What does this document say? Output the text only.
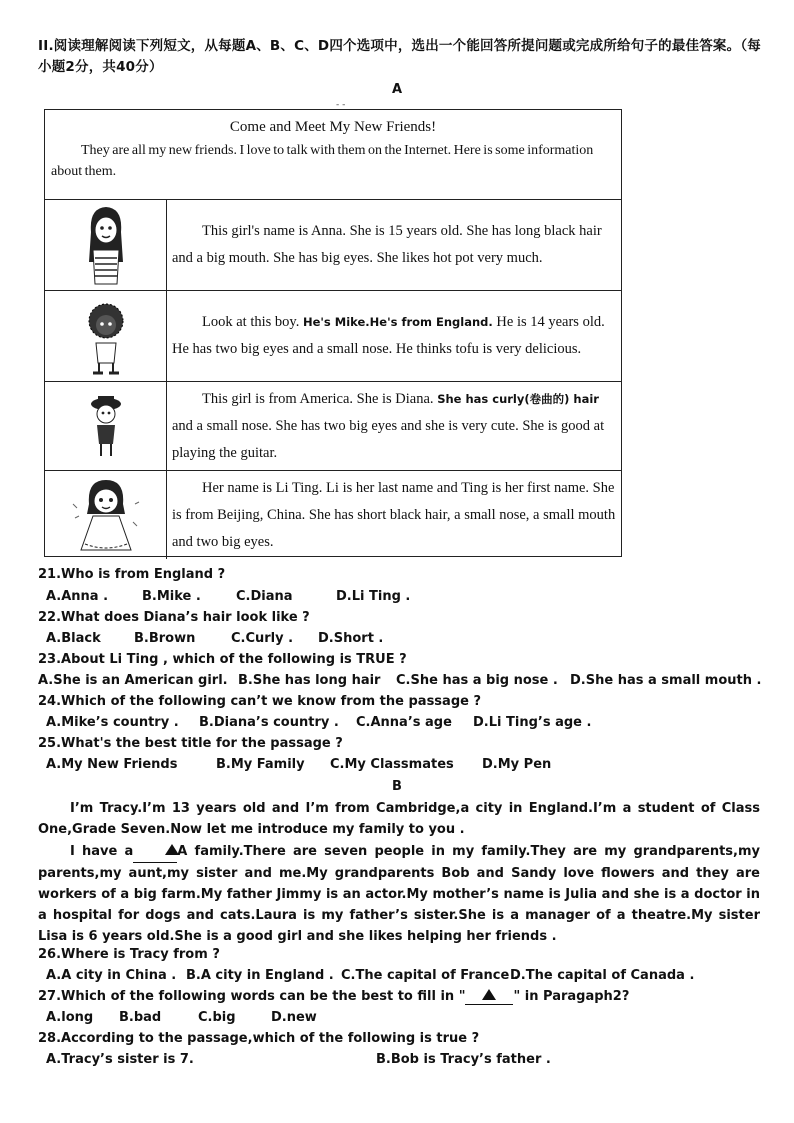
II.阅读理解阅读下列短文，从每题A、B、C、D四个选项中，选出一个能回答所提问题或完成所给句子的最佳答案。（每小题2分，共40分）
A
- -
Come and Meet My New Friends!
They are all my new friends. I love to talk with them on the Internet. Here is some information about them.
This girl's name is Anna. She is 15 years old. She has long black hair and a big mouth. She has big eyes. She likes hot pot very much.
Look at this boy. He's Mike.He's from England. He is 14 years old. He has two big eyes and a small nose. He thinks tofu is very delicious.
This girl is from America. She is Diana. She has curly(卷曲的) hair and a small nose. She has two big eyes and she is very cute. She is good at playing the guitar.
Her name is Li Ting. Li is her last name and Ting is her first name. She is from Beijing, China. She has short black hair, a small nose, a small mouth and two big eyes.
21.Who is from England ?
A.Anna .	B.Mike .	C.Diana	D.Li Ting .
22.What does Diana’s hair look like ?
A.Black	B.Brown	C.Curly . D.Short .
23.About Li Ting , which of the following is TRUE ?
A.She is an American girl. B.She has long hair C.She has a big nose . D.She has a small mouth .
24.Which of the following can’t we know from the passage ?
A.Mike’s country . B.Diana’s country . C.Anna’s age D.Li Ting’s age .
25.What's the best title for the passage ?
A.My New Friends	B.My Family C.My Classmates D.My Pen
B
I’m Tracy.I’m 13 years old and I’m from Cambridge,a city in England.I’m a student of Class One,Grade Seven.Now let me introduce my family to you .
I have a	A family.There are seven people in my family.They are my grandparents,my parents,my aunt,my sister and me.My grandparents Bob and Sandy love flowers and they are workers of a big farm.My father Jimmy is an actor.My mother’s name is Julia and she is a doctor in a hospital for dogs and cats.Laura is my father’s sister.She is a manager of a theatre.My sister Lisa is 6 years old.She is a good girl and she likes helping her friends .
26.Where is Tracy from ?
A.A city in China . B.A city in England . C.The capital of France .
D.The capital of Canada .
27.Which of the following words can be the best to fill in "	" in Paragaph2?
A.long B.bad	C.big	D.new
28.According to the passage,which of the following is true ?
A.Tracy’s sister is 7.	B.Bob is Tracy’s father .
